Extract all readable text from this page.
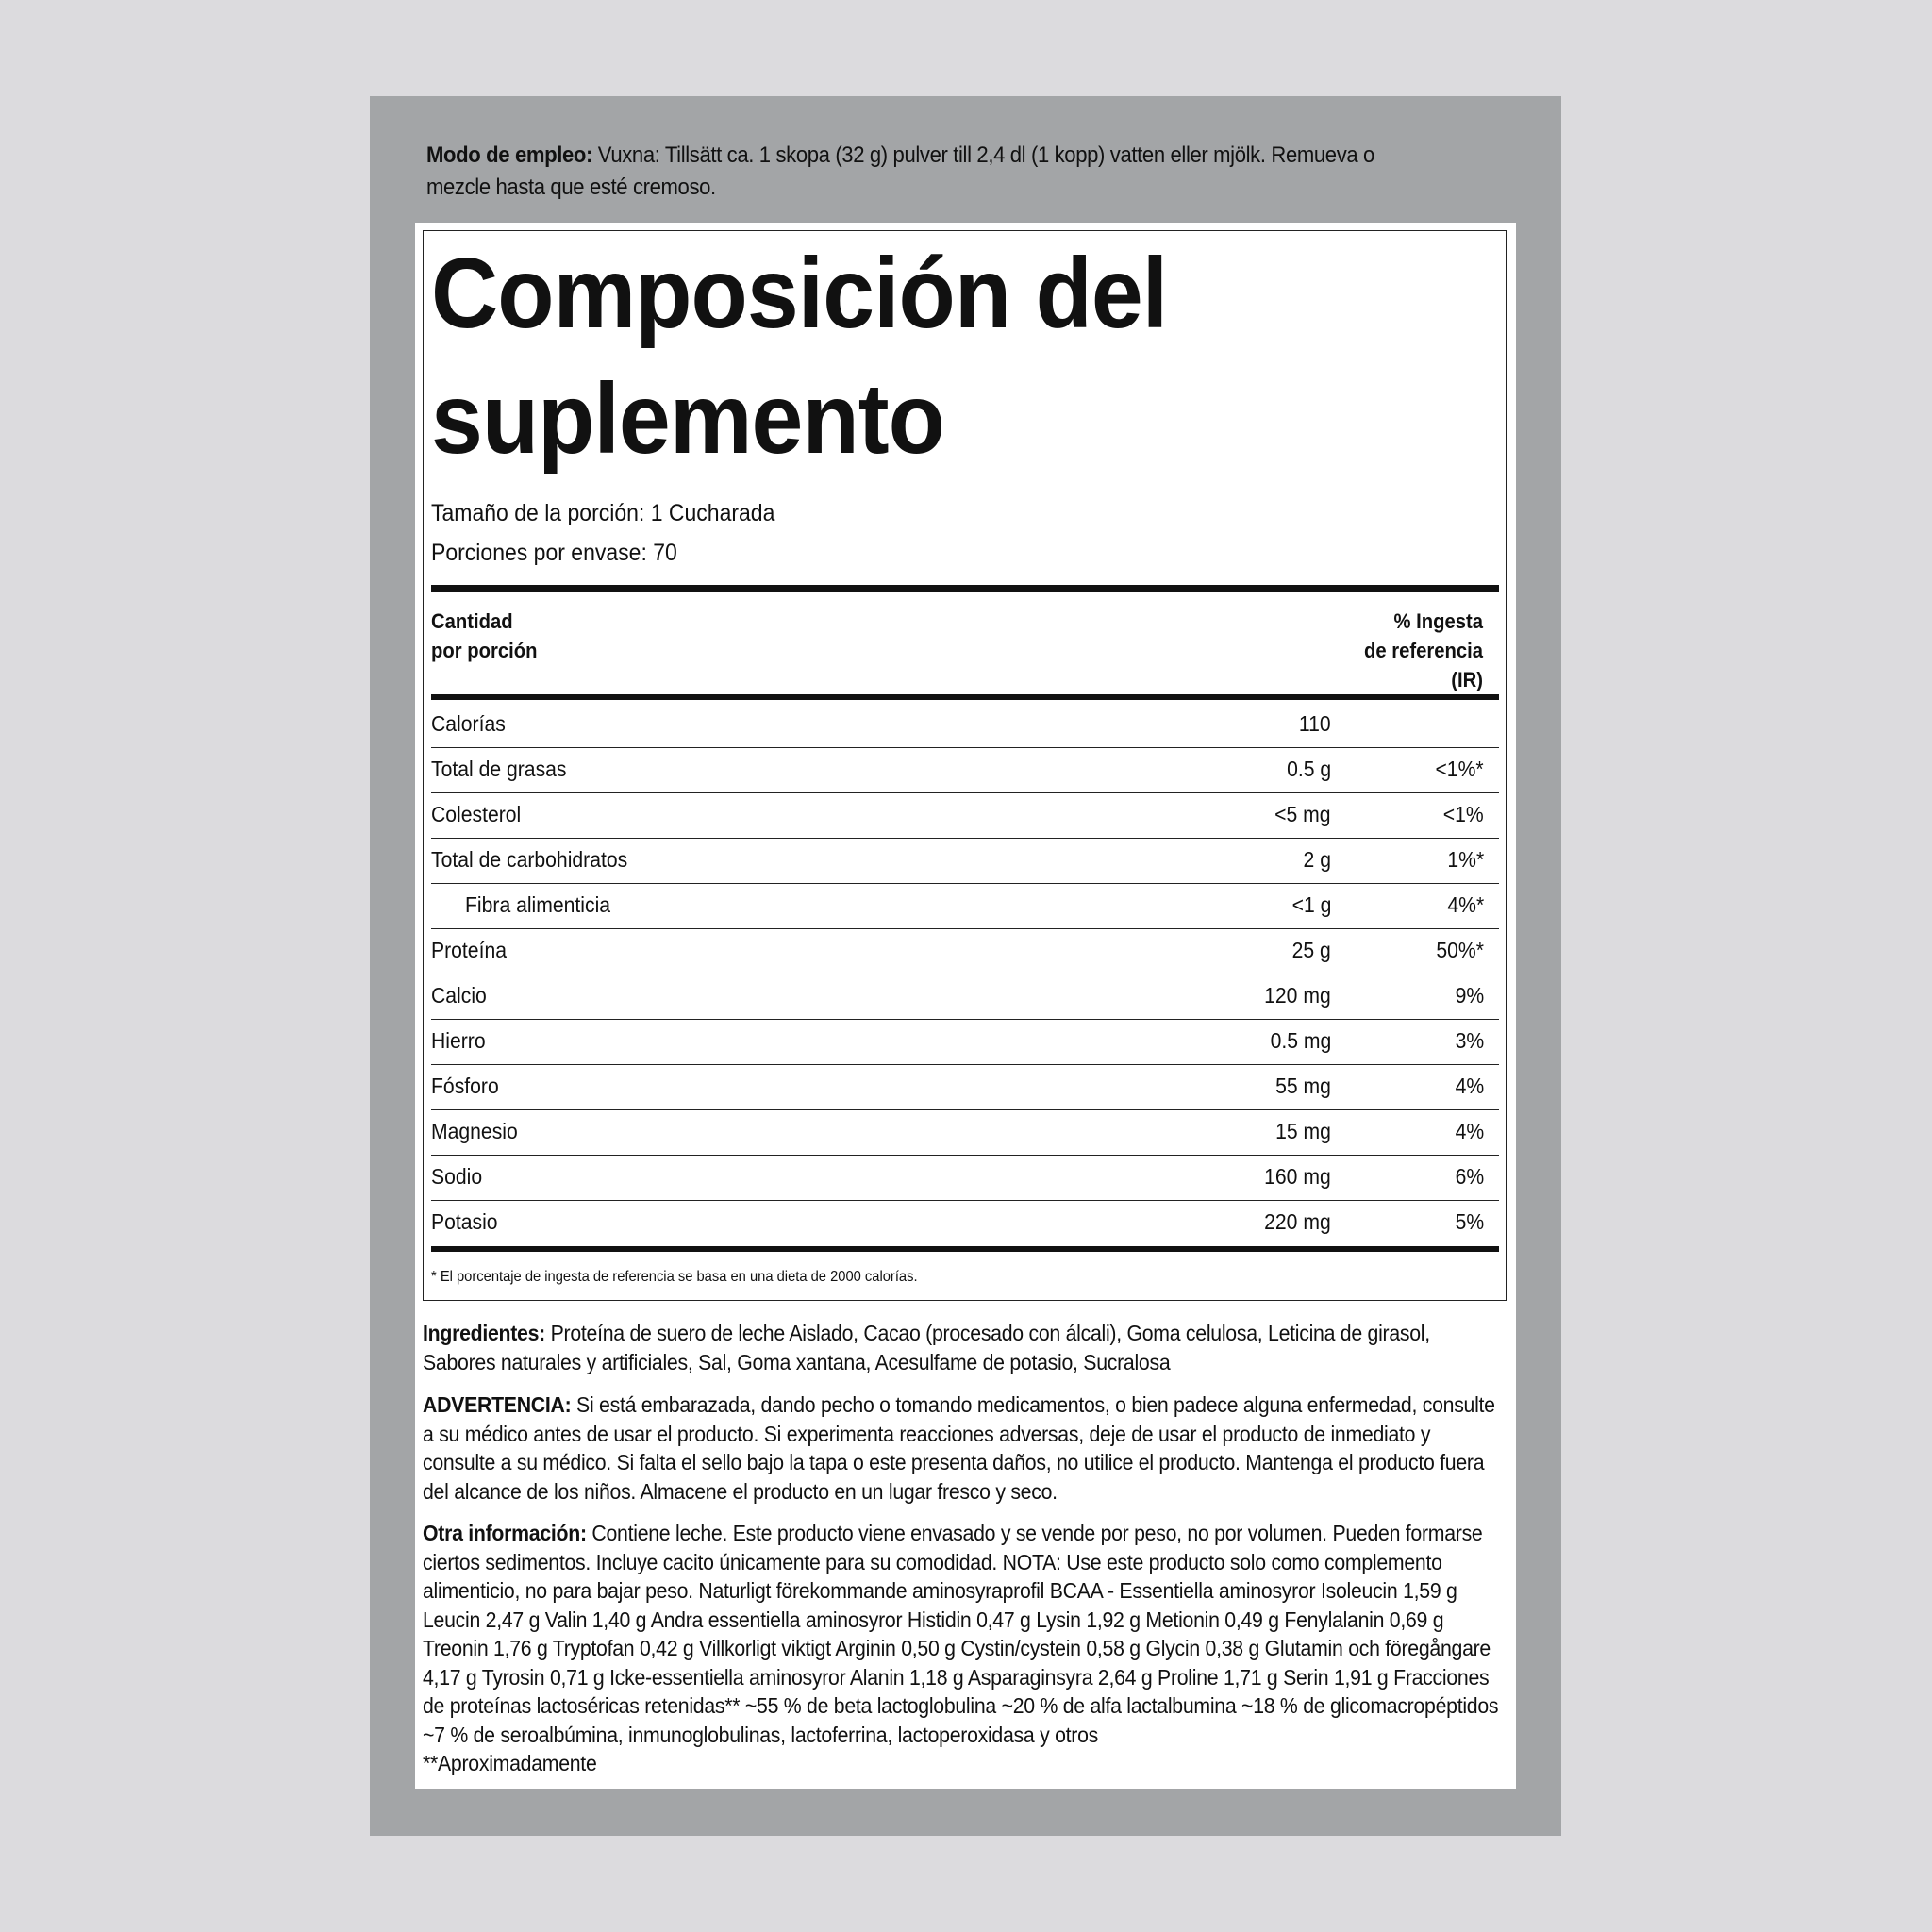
Modo de empleo: Vuxna: Tillsätt ca. 1 skopa (32 g) pulver till 2,4 dl (1 kopp) vatten eller mjölk. Remueva o mezcle hasta que esté cremoso.
Composición del suplemento
Tamaño de la porción: 1 Cucharada
Porciones por envase: 70
Cantidad
por porción
% Ingesta
de referencia
(IR)
Calorías	110
Total de grasas	0.5 g	<1%*
Colesterol	<5 mg	<1%
Total de carbohidratos	2 g	1%*
Fibra alimenticia	<1 g	4%*
Proteína	25 g	50%*
Calcio	120 mg	9%
Hierro	0.5 mg	3%
Fósforo	55 mg	4%
Magnesio	15 mg	4%
Sodio	160 mg	6%
Potasio	220 mg	5%
* El porcentaje de ingesta de referencia se basa en una dieta de 2000 calorías.
Ingredientes: Proteína de suero de leche Aislado, Cacao (procesado con álcali), Goma celulosa, Leticina de girasol, Sabores naturales y artificiales, Sal, Goma xantana, Acesulfame de potasio, Sucralosa
ADVERTENCIA: Si está embarazada, dando pecho o tomando medicamentos, o bien padece alguna enfermedad, consulte a su médico antes de usar el producto. Si experimenta reacciones adversas, deje de usar el producto de inmediato y consulte a su médico. Si falta el sello bajo la tapa o este presenta daños, no utilice el producto. Mantenga el producto fuera del alcance de los niños. Almacene el producto en un lugar fresco y seco.
Otra información: Contiene leche. Este producto viene envasado y se vende por peso, no por volumen. Pueden formarse ciertos sedimentos. Incluye cacito únicamente para su comodidad. NOTA: Use este producto solo como complemento alimenticio, no para bajar peso. Naturligt förekommande aminosyraprofil BCAA - Essentiella aminosyror Isoleucin 1,59 g Leucin 2,47 g Valin 1,40 g Andra essentiella aminosyror Histidin 0,47 g Lysin 1,92 g Metionin 0,49 g Fenylalanin 0,69 g Treonin 1,76 g Tryptofan 0,42 g Villkorligt viktigt Arginin 0,50 g Cystin/cystein 0,58 g Glycin 0,38 g Glutamin och föregångare 4,17 g Tyrosin 0,71 g Icke-essentiella aminosyror Alanin 1,18 g Asparaginsyra 2,64 g Proline 1,71 g Serin 1,91 g Fracciones de proteínas lactoséricas retenidas** ~55 % de beta lactoglobulina ~20 % de alfa lactalbumina ~18 % de glicomacropéptidos ~7 % de seroalbúmina, inmunoglobulinas, lactoferrina, lactoperoxidasa y otros
**Aproximadamente
